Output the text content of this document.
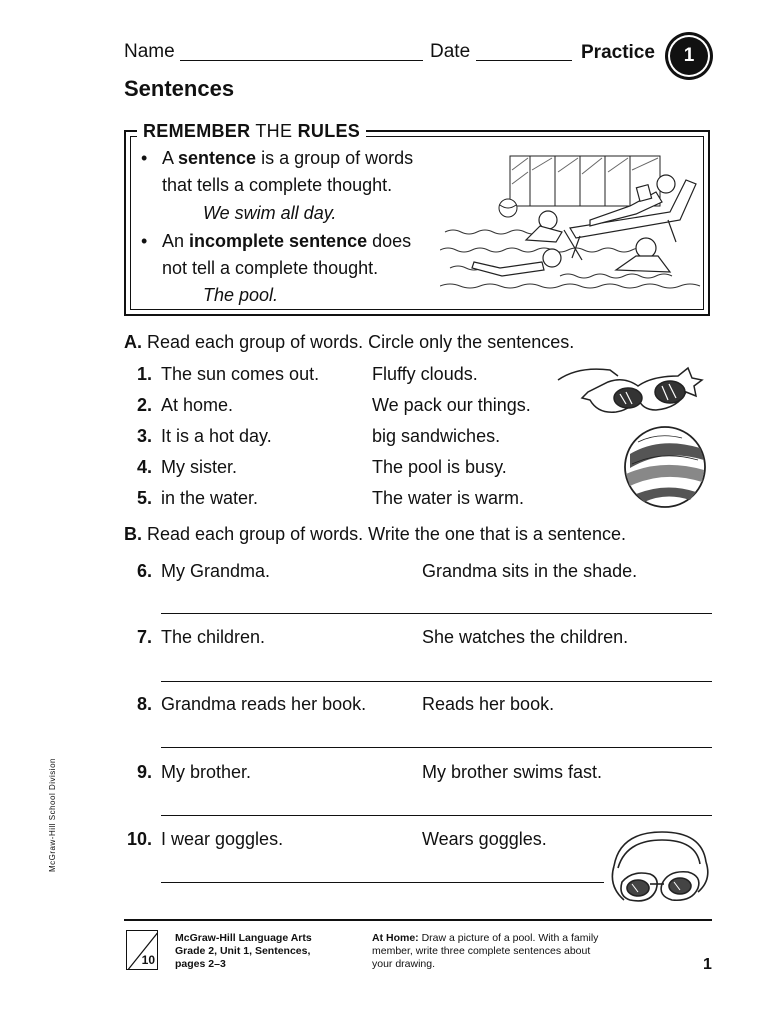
Name	Date	Practice	1
Sentences
REMEMBER THE RULES
• A sentence is a group of words
that tells a complete thought.
We swim all day.
• An incomplete sentence does
not tell a complete thought.
The pool.
A. Read each group of words. Circle only the sentences.
1. The sun comes out.	Fluffy clouds.
2. At home.	We pack our things.
3. It is a hot day.	big sandwiches.
4. My sister.	The pool is busy.
5. in the water.	The water is warm.
B. Read each group of words. Write the one that is a sentence.
6. My Grandma.	Grandma sits in the shade.
7. The children.	She watches the children.
8. Grandma reads her book.	Reads her book.
9. My brother.	My brother swims fast.
10. I wear goggles.	Wears goggles.
McGraw-Hill School Division
10
McGraw-Hill Language Arts
Grade 2, Unit 1, Sentences,
pages 2–3
At Home: Draw a picture of a pool. With a family
member, write three complete sentences about
your drawing.	1
